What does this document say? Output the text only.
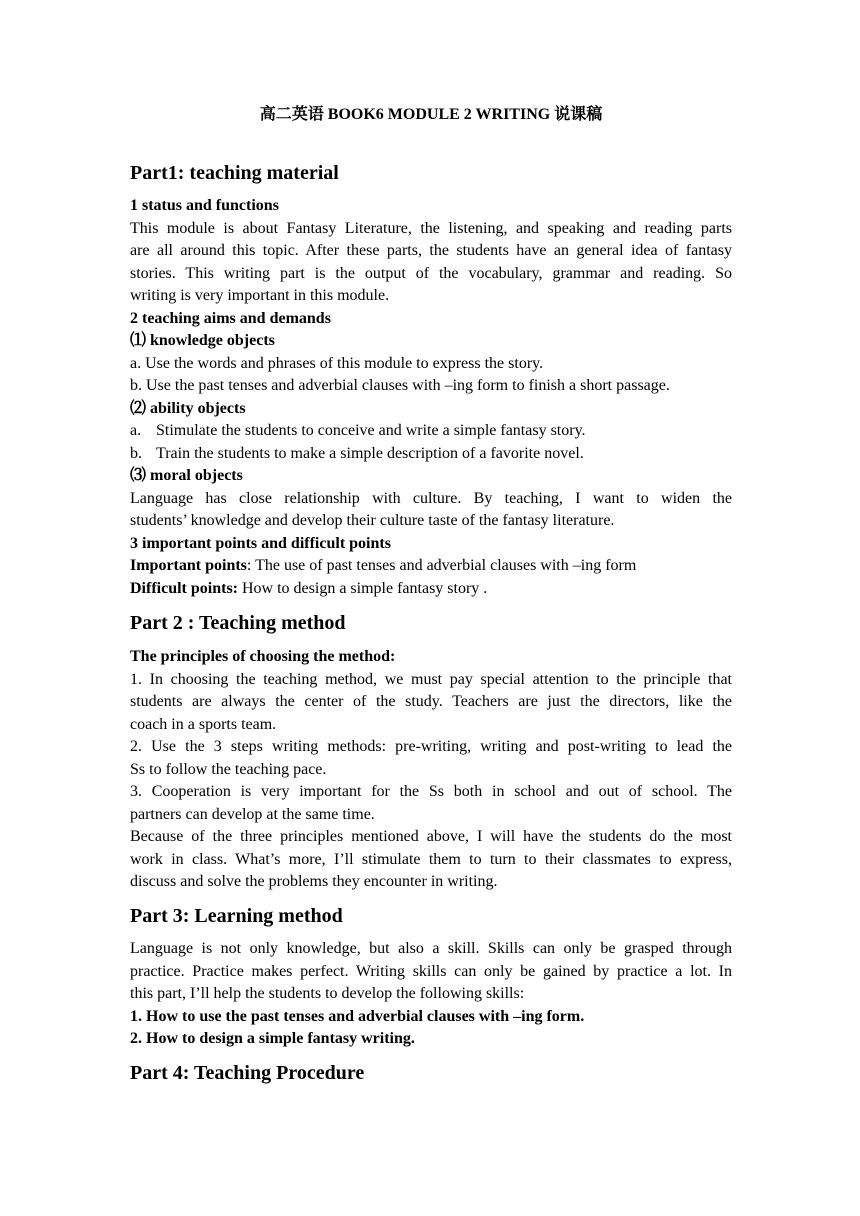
高二英语 BOOK6 MODULE 2 WRITING 说课稿
Part1: teaching material
1 status and functions
This module is about Fantasy Literature, the listening, and speaking and reading parts
are all around this topic. After these parts, the students have an general idea of fantasy
stories. This writing part is the output of the vocabulary, grammar and reading. So
writing is very important in this module.
2 teaching aims and demands
⑴ knowledge objects
a. Use the words and phrases of this module to express the story.
b. Use the past tenses and adverbial clauses with –ing form to finish a short passage.
⑵ ability objects
a. Stimulate the students to conceive and write a simple fantasy story.
b. Train the students to make a simple description of a favorite novel.
⑶ moral objects
Language has close relationship with culture. By teaching, I want to widen the
students’ knowledge and develop their culture taste of the fantasy literature.
3 important points and difficult points
Important points: The use of past tenses and adverbial clauses with –ing form
Difficult points: How to design a simple fantasy story .
Part 2 : Teaching method
The principles of choosing the method:
1. In choosing the teaching method, we must pay special attention to the principle that
students are always the center of the study. Teachers are just the directors, like the
coach in a sports team.
2. Use the 3 steps writing methods: pre-writing, writing and post-writing to lead the
Ss to follow the teaching pace.
3. Cooperation is very important for the Ss both in school and out of school. The
partners can develop at the same time.
Because of the three principles mentioned above, I will have the students do the most
work in class. What’s more, I’ll stimulate them to turn to their classmates to express,
discuss and solve the problems they encounter in writing.
Part 3: Learning method
Language is not only knowledge, but also a skill. Skills can only be grasped through
practice. Practice makes perfect. Writing skills can only be gained by practice a lot. In
this part, I’ll help the students to develop the following skills:
1. How to use the past tenses and adverbial clauses with –ing form.
2. How to design a simple fantasy writing.
Part 4: Teaching Procedure
